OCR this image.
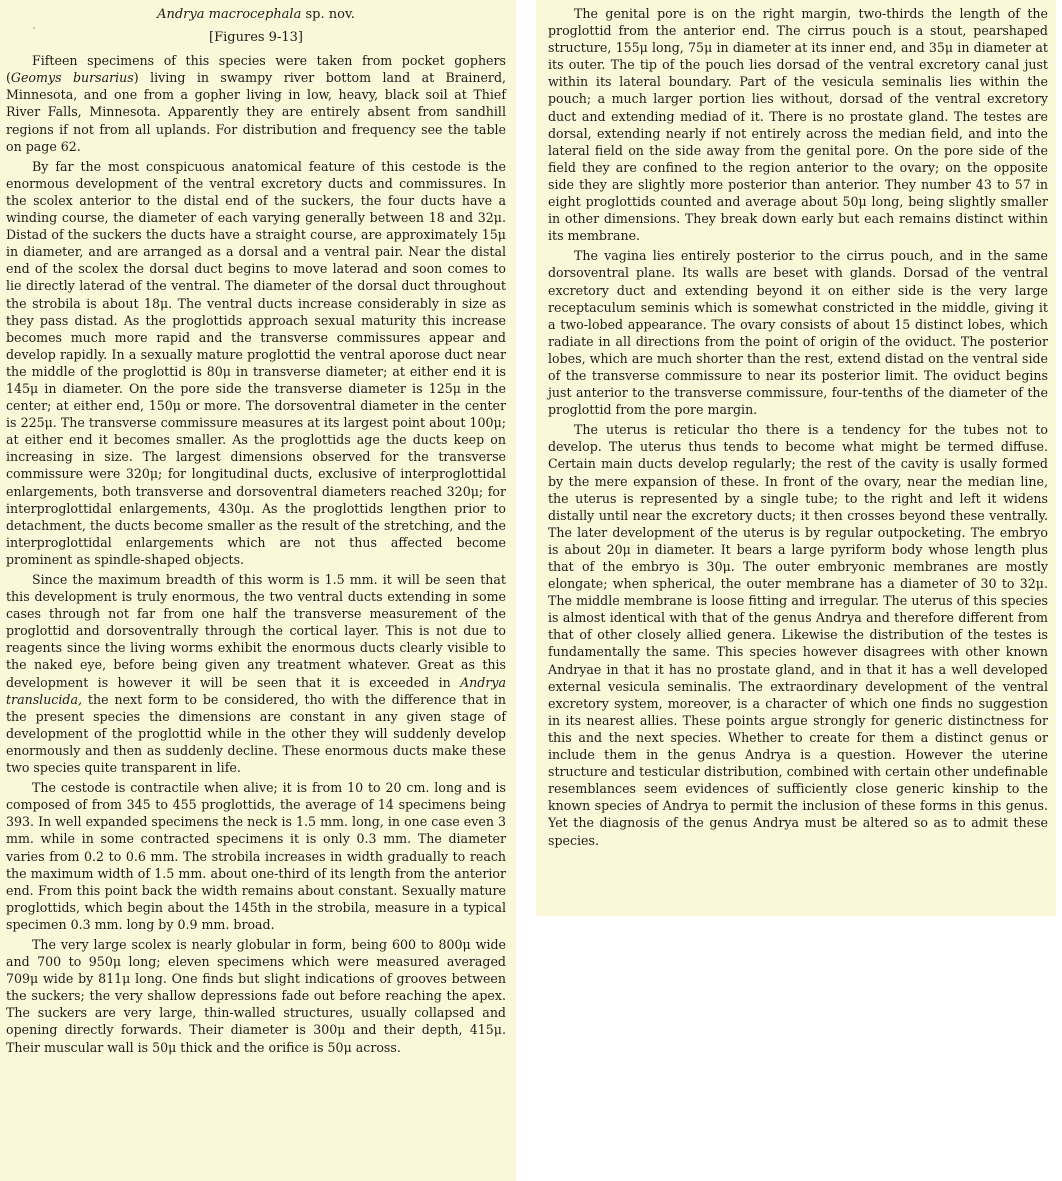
Andrya macrocephala sp. nov.

[Figures 9-13]

Fifteen specimens of this species were taken from pocket gophers (Geomys bursarius) living in swampy river bottom land at Brainerd, Minnesota, and one from a gopher living in low, heavy, black soil at Thief River Falls, Minnesota. Apparently they are entirely absent from sandhill regions if not from all uplands. For distribution and frequency see the table on page 62.

By far the most conspicuous anatomical feature of this cestode is the enormous development of the ventral excretory ducts and commissures. In the scolex anterior to the distal end of the suckers, the four ducts have a winding course, the diameter of each varying generally between 18 and 32μ. Distad of the suckers the ducts have a straight course, are approximately 15μ in diameter, and are arranged as a dorsal and a ventral pair. Near the distal end of the scolex the dorsal duct begins to move laterad and soon comes to lie directly laterad of the ventral. The diameter of the dorsal duct throughout the strobila is about 18μ. The ventral ducts increase considerably in size as they pass distad. As the proglottids approach sexual maturity this increase becomes much more rapid and the transverse commissures appear and develop rapidly. In a sexually mature proglottid the ventral aporose duct near the middle of the proglottid is 80μ in transverse diameter; at either end it is 145μ in diameter. On the pore side the transverse diameter is 125μ in the center; at either end, 150μ or more. The dorsoventral diameter in the center is 225μ. The transverse commissure measures at its largest point about 100μ; at either end it becomes smaller. As the proglottids age the ducts keep on increasing in size. The largest dimensions observed for the transverse commissure were 320μ; for longitudinal ducts, exclusive of interproglottidal enlargements, both transverse and dorsoventral diameters reached 320μ; for interproglottidal enlargements, 430μ. As the proglottids lengthen prior to detachment, the ducts become smaller as the result of the stretching, and the interproglottidal enlargements which are not thus affected become prominent as spindle-shaped objects.

Since the maximum breadth of this worm is 1.5 mm. it will be seen that this development is truly enormous, the two ventral ducts extending in some cases through not far from one half the transverse measurement of the proglottid and dorsoventrally through the cortical layer. This is not due to reagents since the living worms exhibit the enormous ducts clearly visible to the naked eye, before being given any treatment whatever. Great as this development is however it will be seen that it is exceeded in Andrya translucida, the next form to be considered, tho with the difference that in the present species the dimensions are constant in any given stage of development of the proglottid while in the other they will suddenly develop enormously and then as suddenly decline. These enormous ducts make these two species quite transparent in life.

The cestode is contractile when alive; it is from 10 to 20 cm. long and is composed of from 345 to 455 proglottids, the average of 14 specimens being 393. In well expanded specimens the neck is 1.5 mm. long, in one case even 3 mm. while in some contracted specimens it is only 0.3 mm. The diameter varies from 0.2 to 0.6 mm. The strobila increases in width gradually to reach the maximum width of 1.5 mm. about one-third of its length from the anterior end. From this point back the width remains about constant. Sexually mature proglottids, which begin about the 145th in the strobila, measure in a typical specimen 0.3 mm. long by 0.9 mm. broad.

The very large scolex is nearly globular in form, being 600 to 800μ wide and 700 to 950μ long; eleven specimens which were measured averaged 709μ wide by 811μ long. One finds but slight indications of grooves between the suckers; the very shallow depressions fade out before reaching the apex. The suckers are very large, thin-walled structures, usually collapsed and opening directly forwards. Their diameter is 300μ and their depth, 415μ. Their muscular wall is 50μ thick and the orifice is 50μ across.

The genital pore is on the right margin, two-thirds the length of the proglottid from the anterior end. The cirrus pouch is a stout, pearshaped structure, 155μ long, 75μ in diameter at its inner end, and 35μ in diameter at its outer. The tip of the pouch lies dorsad of the ventral excretory canal just within its lateral boundary. Part of the vesicula seminalis lies within the pouch; a much larger portion lies without, dorsad of the ventral excretory duct and extending mediad of it. There is no prostate gland. The testes are dorsal, extending nearly if not entirely across the median field, and into the lateral field on the side away from the genital pore. On the pore side of the field they are confined to the region anterior to the ovary; on the opposite side they are slightly more posterior than anterior. They number 43 to 57 in eight proglottids counted and average about 50μ long, being slightly smaller in other dimensions. They break down early but each remains distinct within its membrane.

The vagina lies entirely posterior to the cirrus pouch, and in the same dorsoventral plane. Its walls are beset with glands. Dorsad of the ventral excretory duct and extending beyond it on either side is the very large receptaculum seminis which is somewhat constricted in the middle, giving it a two-lobed appearance. The ovary consists of about 15 distinct lobes, which radiate in all directions from the point of origin of the oviduct. The posterior lobes, which are much shorter than the rest, extend distad on the ventral side of the transverse commissure to near its posterior limit. The oviduct begins just anterior to the transverse commissure, four-tenths of the diameter of the proglottid from the pore margin.

The uterus is reticular tho there is a tendency for the tubes not to develop. The uterus thus tends to become what might be termed diffuse. Certain main ducts develop regularly; the rest of the cavity is usally formed by the mere expansion of these. In front of the ovary, near the median line, the uterus is represented by a single tube; to the right and left it widens distally until near the excretory ducts; it then crosses beyond these ventrally. The later development of the uterus is by regular outpocketing. The embryo is about 20μ in diameter. It bears a large pyriform body whose length plus that of the embryo is 30μ. The outer embryonic membranes are mostly elongate; when spherical, the outer membrane has a diameter of 30 to 32μ. The middle membrane is loose fitting and irregular. The uterus of this species is almost identical with that of the genus Andrya and therefore different from that of other closely allied genera. Likewise the distribution of the testes is fundamentally the same. This species however disagrees with other known Andryae in that it has no prostate gland, and in that it has a well developed external vesicula seminalis. The extraordinary development of the ventral excretory system, moreover, is a character of which one finds no suggestion in its nearest allies. These points argue strongly for generic distinctness for this and the next species. Whether to create for them a distinct genus or include them in the genus Andrya is a question. However the uterine structure and testicular distribution, combined with certain other undefinable resemblances seem evidences of sufficiently close generic kinship to the known species of Andrya to permit the inclusion of these forms in this genus. Yet the diagnosis of the genus Andrya must be altered so as to admit these species.
